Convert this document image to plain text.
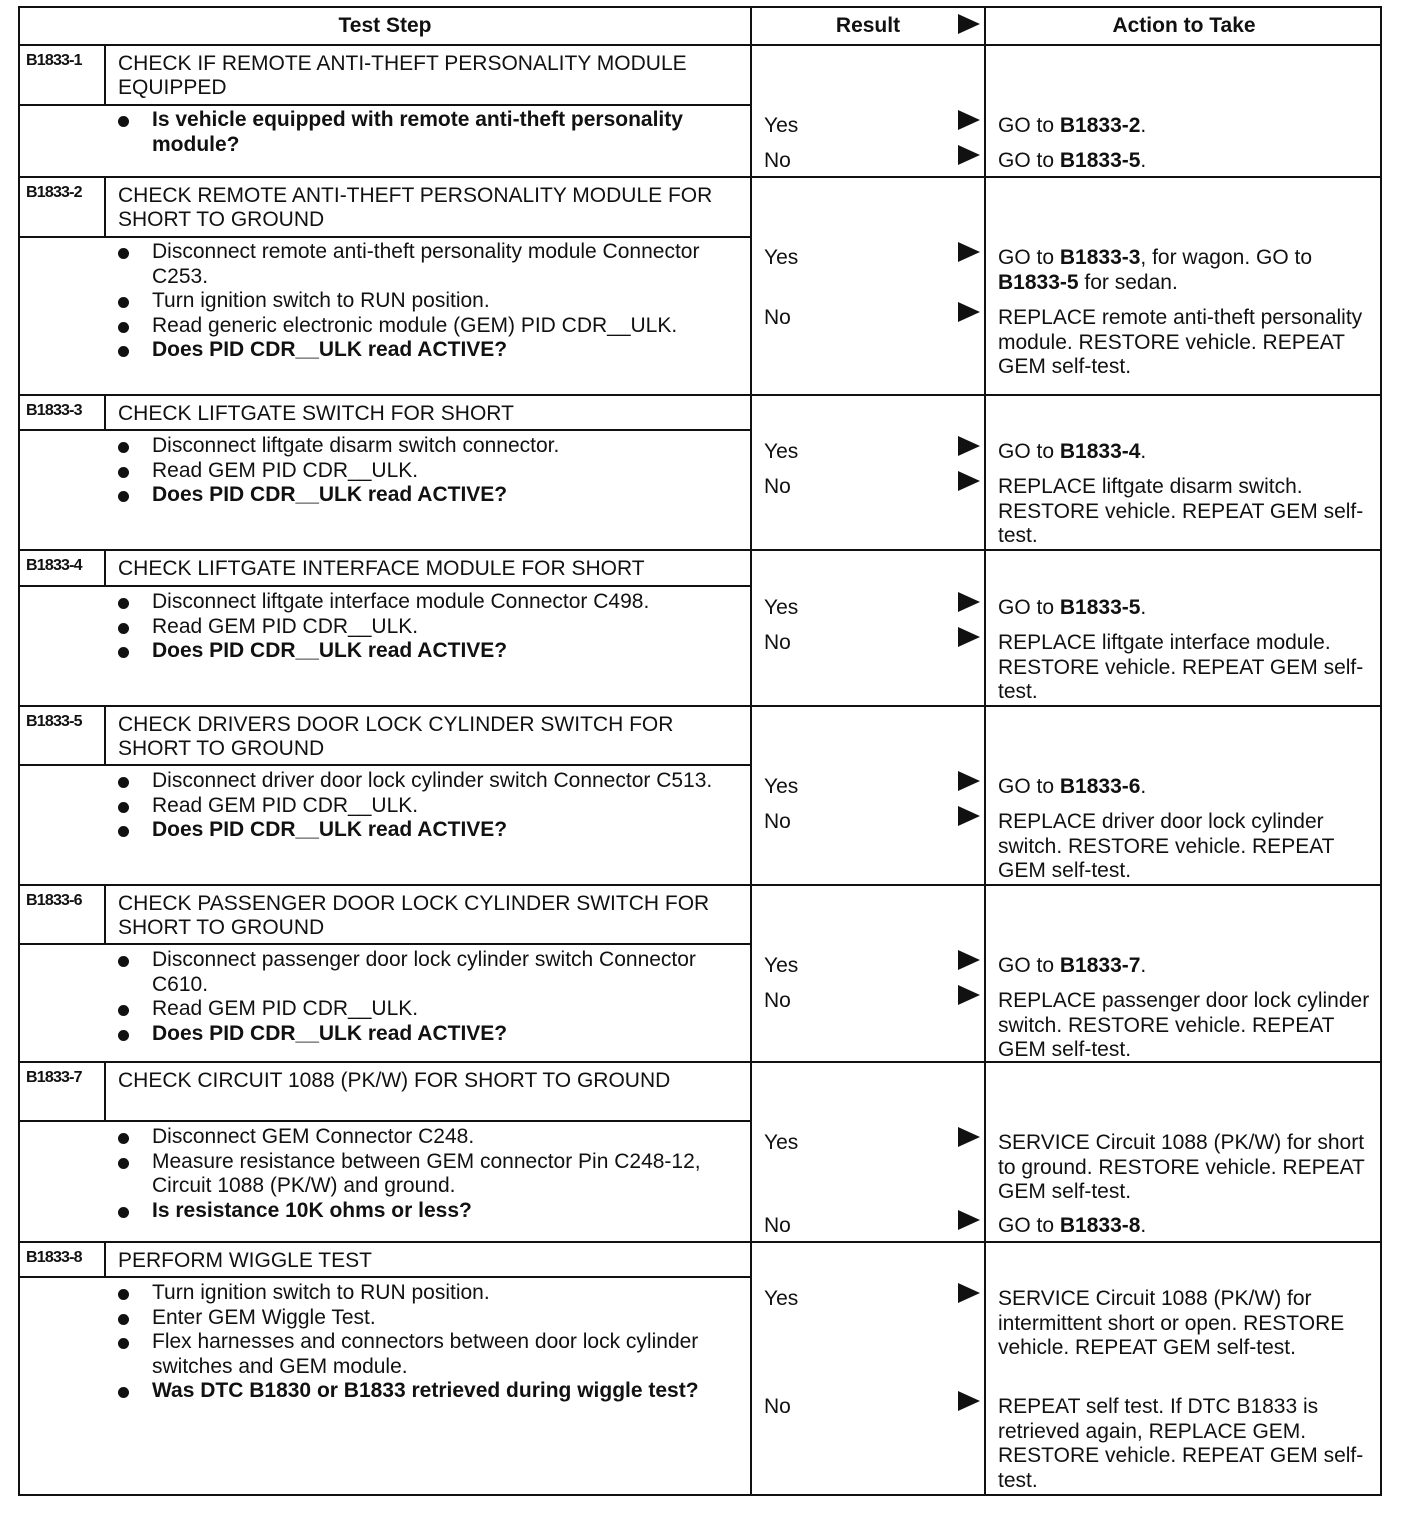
Test Step	Result	Action to Take
B1833-1	CHECK IF REMOTE ANTI-THEFT PERSONALITY MODULE EQUIPPED
Is vehicle equipped with remote anti-theft personality module?
Yes	GO to B1833-2.
No	GO to B1833-5.
B1833-2	CHECK REMOTE ANTI-THEFT PERSONALITY MODULE FOR SHORT TO GROUND
Disconnect remote anti-theft personality module Connector C253.
Turn ignition switch to RUN position.
Read generic electronic module (GEM) PID CDR__ULK.
Does PID CDR__ULK read ACTIVE?
Yes	GO to B1833-3, for wagon. GO to B1833-5 for sedan.
No	REPLACE remote anti-theft personality module. RESTORE vehicle. REPEAT GEM self-test.
B1833-3	CHECK LIFTGATE SWITCH FOR SHORT
Disconnect liftgate disarm switch connector.
Read GEM PID CDR__ULK.
Does PID CDR__ULK read ACTIVE?
Yes	GO to B1833-4.
No	REPLACE liftgate disarm switch. RESTORE vehicle. REPEAT GEM self-test.
B1833-4	CHECK LIFTGATE INTERFACE MODULE FOR SHORT
Disconnect liftgate interface module Connector C498.
Read GEM PID CDR__ULK.
Does PID CDR__ULK read ACTIVE?
Yes	GO to B1833-5.
No	REPLACE liftgate interface module. RESTORE vehicle. REPEAT GEM self-test.
B1833-5	CHECK DRIVERS DOOR LOCK CYLINDER SWITCH FOR SHORT TO GROUND
Disconnect driver door lock cylinder switch Connector C513.
Read GEM PID CDR__ULK.
Does PID CDR__ULK read ACTIVE?
Yes	GO to B1833-6.
No	REPLACE driver door lock cylinder switch. RESTORE vehicle. REPEAT GEM self-test.
B1833-6	CHECK PASSENGER DOOR LOCK CYLINDER SWITCH FOR SHORT TO GROUND
Disconnect passenger door lock cylinder switch Connector C610.
Read GEM PID CDR__ULK.
Does PID CDR__ULK read ACTIVE?
Yes	GO to B1833-7.
No	REPLACE passenger door lock cylinder switch. RESTORE vehicle. REPEAT GEM self-test.
B1833-7	CHECK CIRCUIT 1088 (PK/W) FOR SHORT TO GROUND
Disconnect GEM Connector C248.
Measure resistance between GEM connector Pin C248-12, Circuit 1088 (PK/W) and ground.
Is resistance 10K ohms or less?
Yes	SERVICE Circuit 1088 (PK/W) for short to ground. RESTORE vehicle. REPEAT GEM self-test.
No	GO to B1833-8.
B1833-8	PERFORM WIGGLE TEST
Turn ignition switch to RUN position.
Enter GEM Wiggle Test.
Flex harnesses and connectors between door lock cylinder switches and GEM module.
Was DTC B1830 or B1833 retrieved during wiggle test?
Yes	SERVICE Circuit 1088 (PK/W) for intermittent short or open. RESTORE vehicle. REPEAT GEM self-test.
No	REPEAT self test. If DTC B1833 is retrieved again, REPLACE GEM. RESTORE vehicle. REPEAT GEM self-test.
